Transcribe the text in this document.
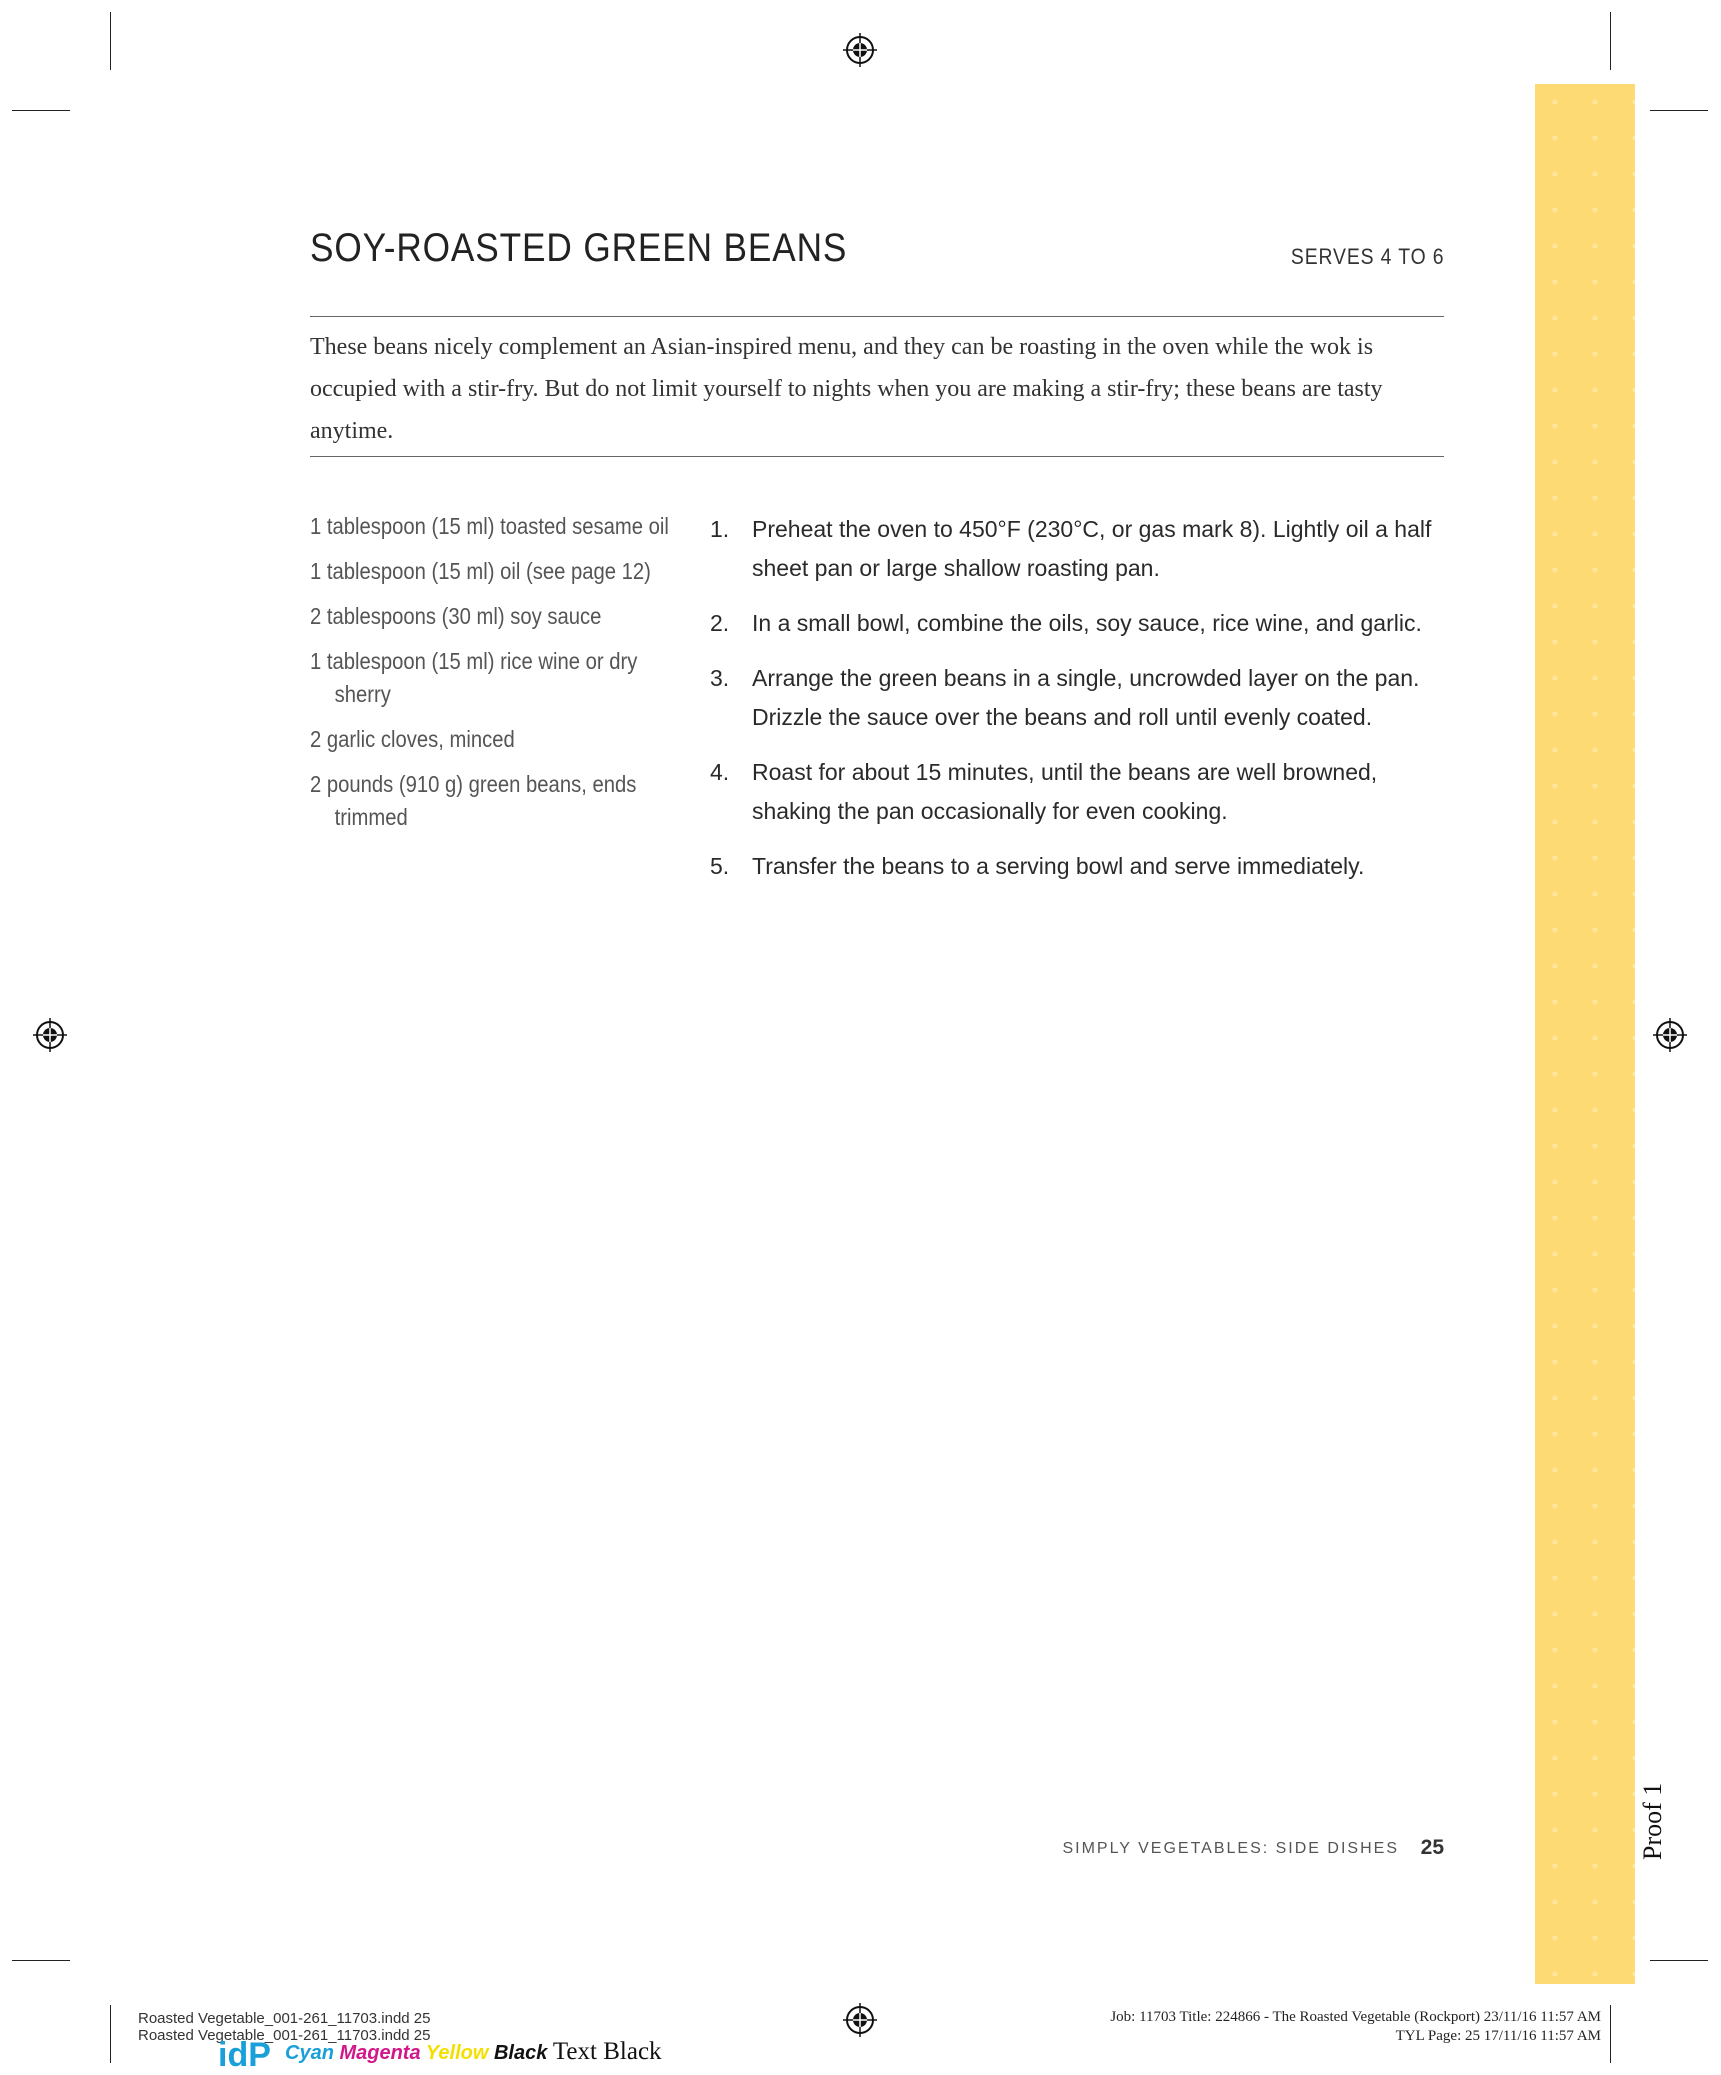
Proof 1
SOY-ROASTED GREEN BEANS	SERVES 4 TO 6

These beans nicely complement an Asian-inspired menu, and they can be roasting in the oven while the wok is occupied with a stir-fry. But do not limit yourself to nights when you are making a stir-fry; these beans are tasty anytime.

1 tablespoon (15 ml) toasted sesame oil
1 tablespoon (15 ml) oil (see page 12)
2 tablespoons (30 ml) soy sauce
1 tablespoon (15 ml) rice wine or dry sherry
2 garlic cloves, minced
2 pounds (910 g) green beans, ends trimmed
1. Preheat the oven to 450°F (230°C, or gas mark 8). Lightly oil a half sheet pan or large shallow roasting pan.
2. In a small bowl, combine the oils, soy sauce, rice wine, and garlic.
3. Arrange the green beans in a single, uncrowded layer on the pan. Drizzle the sauce over the beans and roll until evenly coated.
4. Roast for about 15 minutes, until the beans are well browned, shaking the pan occasionally for even cooking.
5. Transfer the beans to a serving bowl and serve immediately.
SIMPLY VEGETABLES: SIDE DISHES 25
Roasted Vegetable_001-261_11703.indd 25
Roasted Vegetable_001-261_11703.indd 25
Job: 11703 Title: 224866 - The Roasted Vegetable (Rockport) 23/11/16 11:57 AM
TYL Page: 25 17/11/16 11:57 AM
idP Cyan Magenta Yellow Black Text Black
